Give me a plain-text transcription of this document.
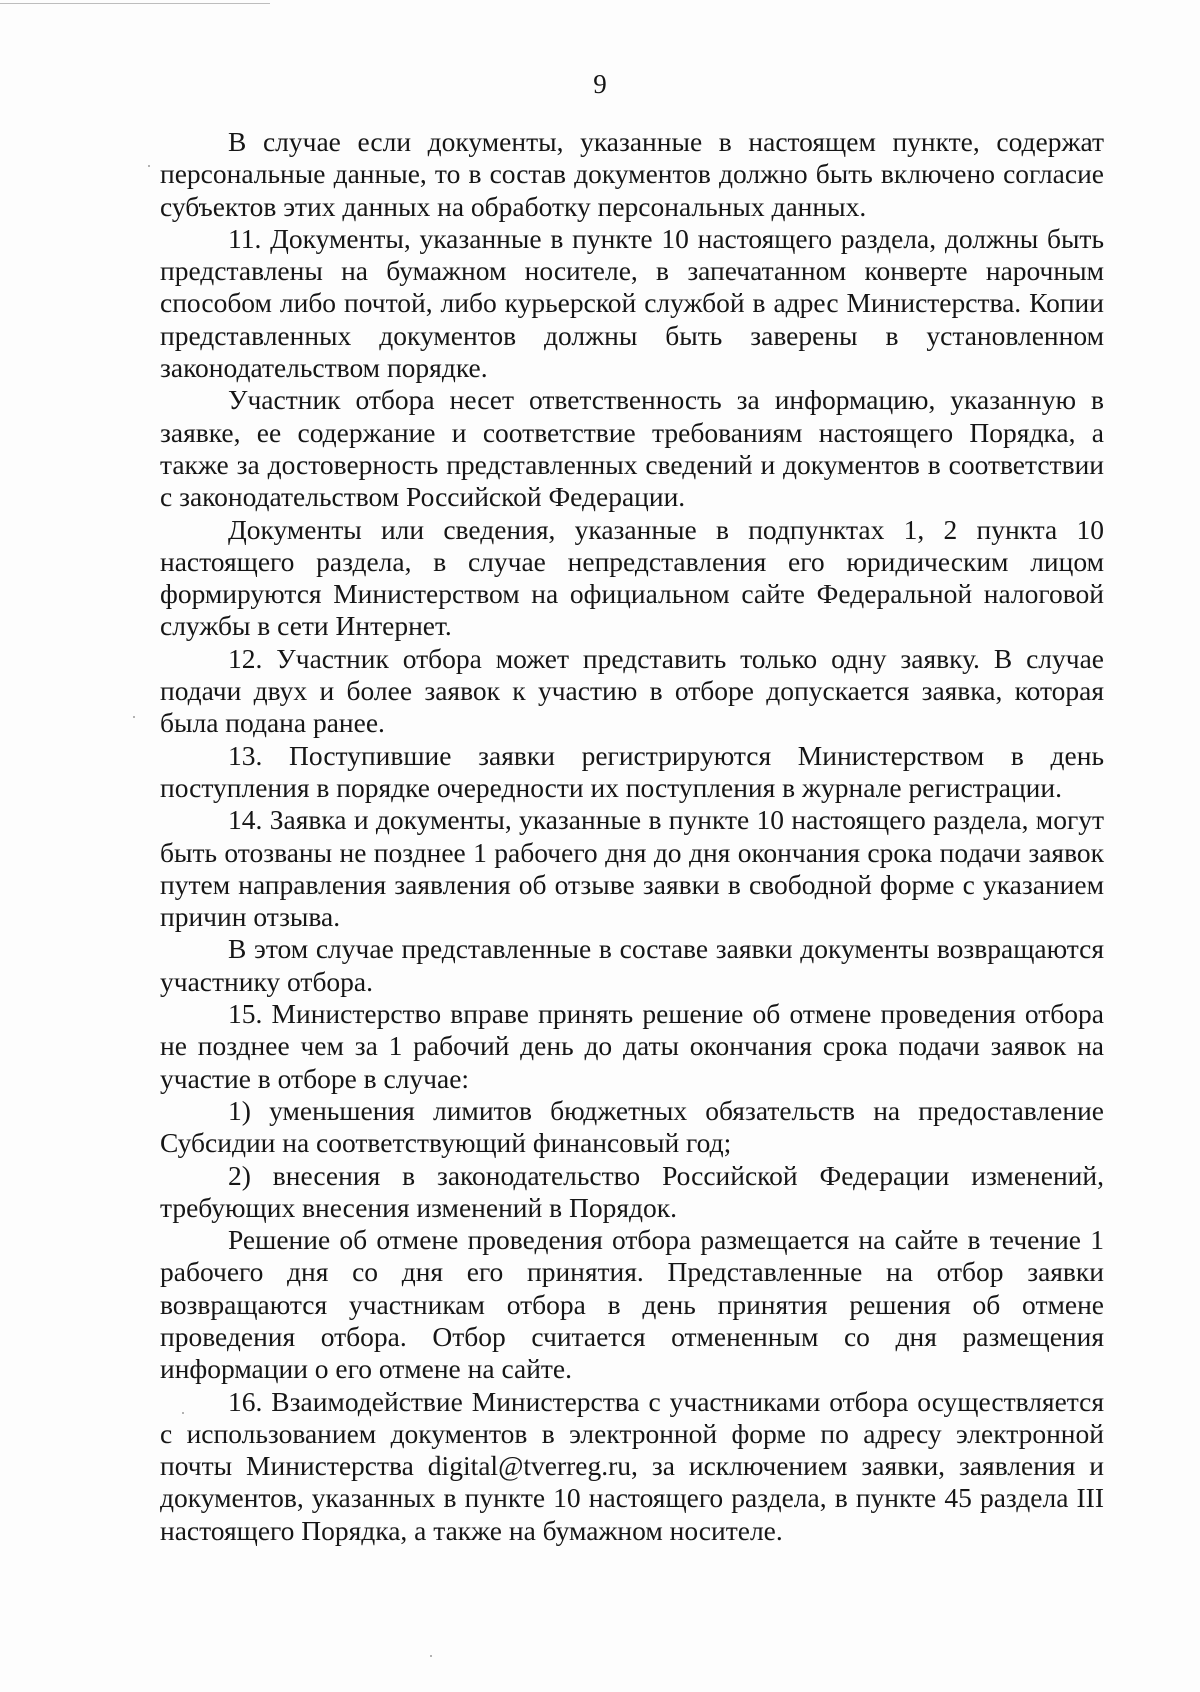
9

В случае если документы, указанные в настоящем пункте, содержат персональные данные, то в состав документов должно быть включено согласие субъектов этих данных на обработку персональных данных.

11. Документы, указанные в пункте 10 настоящего раздела, должны быть представлены на бумажном носителе, в запечатанном конверте нарочным способом либо почтой, либо курьерской службой в адрес Министерства. Копии представленных документов должны быть заверены в установленном законодательством порядке.

Участник отбора несет ответственность за информацию, указанную в заявке, ее содержание и соответствие требованиям настоящего Порядка, а также за достоверность представленных сведений и документов в соответствии с законодательством Российской Федерации.

Документы или сведения, указанные в подпунктах 1, 2 пункта 10 настоящего раздела, в случае непредставления его юридическим лицом формируются Министерством на официальном сайте Федеральной налоговой службы в сети Интернет.

12. Участник отбора может представить только одну заявку. В случае подачи двух и более заявок к участию в отборе допускается заявка, которая была подана ранее.

13. Поступившие заявки регистрируются Министерством в день поступления в порядке очередности их поступления в журнале регистрации.

14. Заявка и документы, указанные в пункте 10 настоящего раздела, могут быть отозваны не позднее 1 рабочего дня до дня окончания срока подачи заявок путем направления заявления об отзыве заявки в свободной форме с указанием причин отзыва.

В этом случае представленные в составе заявки документы возвращаются участнику отбора.

15. Министерство вправе принять решение об отмене проведения отбора не позднее чем за 1 рабочий день до даты окончания срока подачи заявок на участие в отборе в случае:

1) уменьшения лимитов бюджетных обязательств на предоставление Субсидии на соответствующий финансовый год;

2) внесения в законодательство Российской Федерации изменений, требующих внесения изменений в Порядок.

Решение об отмене проведения отбора размещается на сайте в течение 1 рабочего дня со дня его принятия. Представленные на отбор заявки возвращаются участникам отбора в день принятия решения об отмене проведения отбора. Отбор считается отмененным со дня размещения информации о его отмене на сайте.

16. Взаимодействие Министерства с участниками отбора осуществляется с использованием документов в электронной форме по адресу электронной почты Министерства digital@tverreg.ru, за исключением заявки, заявления и документов, указанных в пункте 10 настоящего раздела, в пункте 45 раздела III настоящего Порядка, а также на бумажном носителе.
